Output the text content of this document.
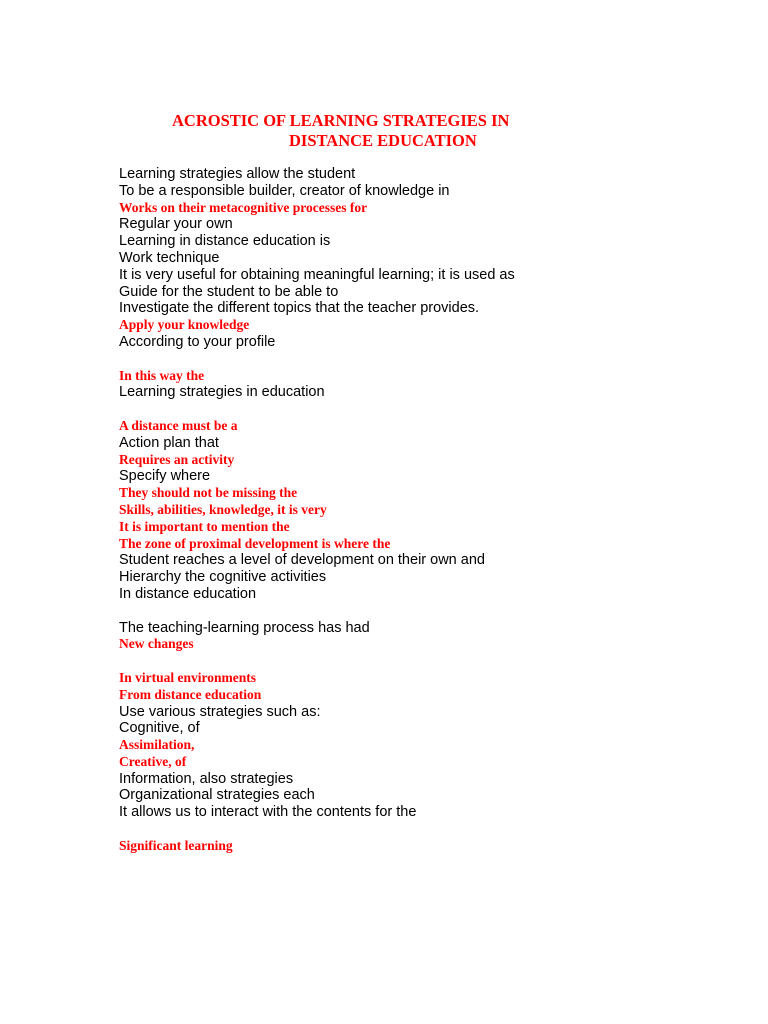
ACROSTIC OF LEARNING STRATEGIES IN
DISTANCE EDUCATION
Learning strategies allow the student
To be a responsible builder, creator of knowledge in
Works on their metacognitive processes for
Regular your own
Learning in distance education is
Work technique
It is very useful for obtaining meaningful learning; it is used as
Guide for the student to be able to
Investigate the different topics that the teacher provides.
Apply your knowledge
According to your profile
In this way the
Learning strategies in education
A distance must be a
Action plan that
Requires an activity
Specify where
They should not be missing the
Skills, abilities, knowledge, it is very
It is important to mention the
The zone of proximal development is where the
Student reaches a level of development on their own and
Hierarchy the cognitive activities
In distance education
The teaching-learning process has had
New changes
In virtual environments
From distance education
Use various strategies such as:
Cognitive, of
Assimilation,
Creative, of
Information, also strategies
Organizational strategies each
It allows us to interact with the contents for the
Significant learning
